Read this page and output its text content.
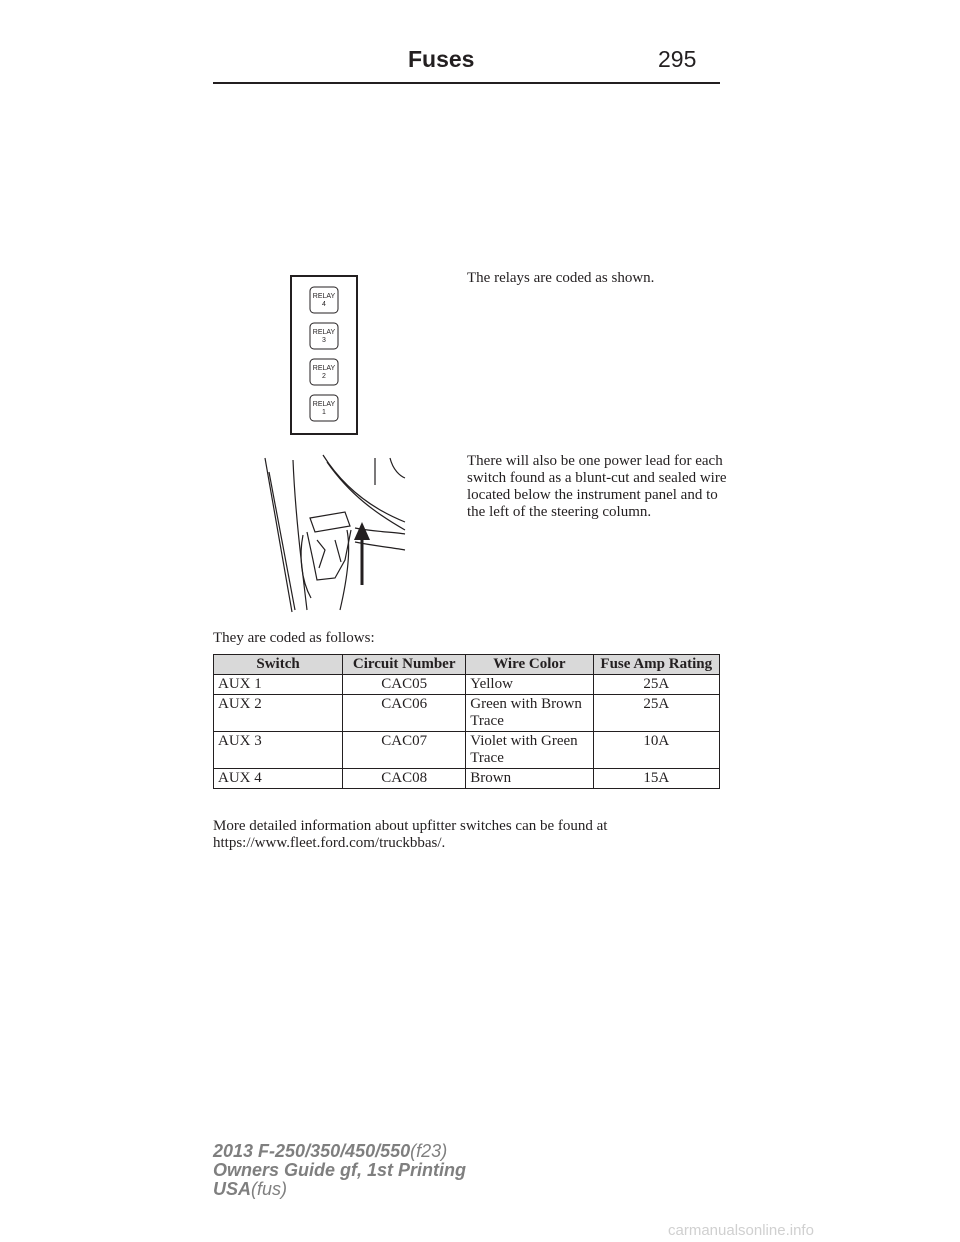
Fuses	295
RELAY 4
RELAY 3
RELAY 2
RELAY 1

The relays are coded as shown.

There will also be one power lead for each switch found as a blunt-cut and sealed wire located below the instrument panel and to the left of the steering column.

They are coded as follows:

Switch	Circuit Number	Wire Color	Fuse Amp Rating
AUX 1	CAC05	Yellow	25A
AUX 2	CAC06	Green with Brown Trace	25A
AUX 3	CAC07	Violet with Green Trace	10A
AUX 4	CAC08	Brown	15A

More detailed information about upfitter switches can be found at https://www.fleet.ford.com/truckbbas/.

2013 F-250/350/450/550(f23)
Owners Guide gf, 1st Printing
USA(fus)
carmanualsonline.info
